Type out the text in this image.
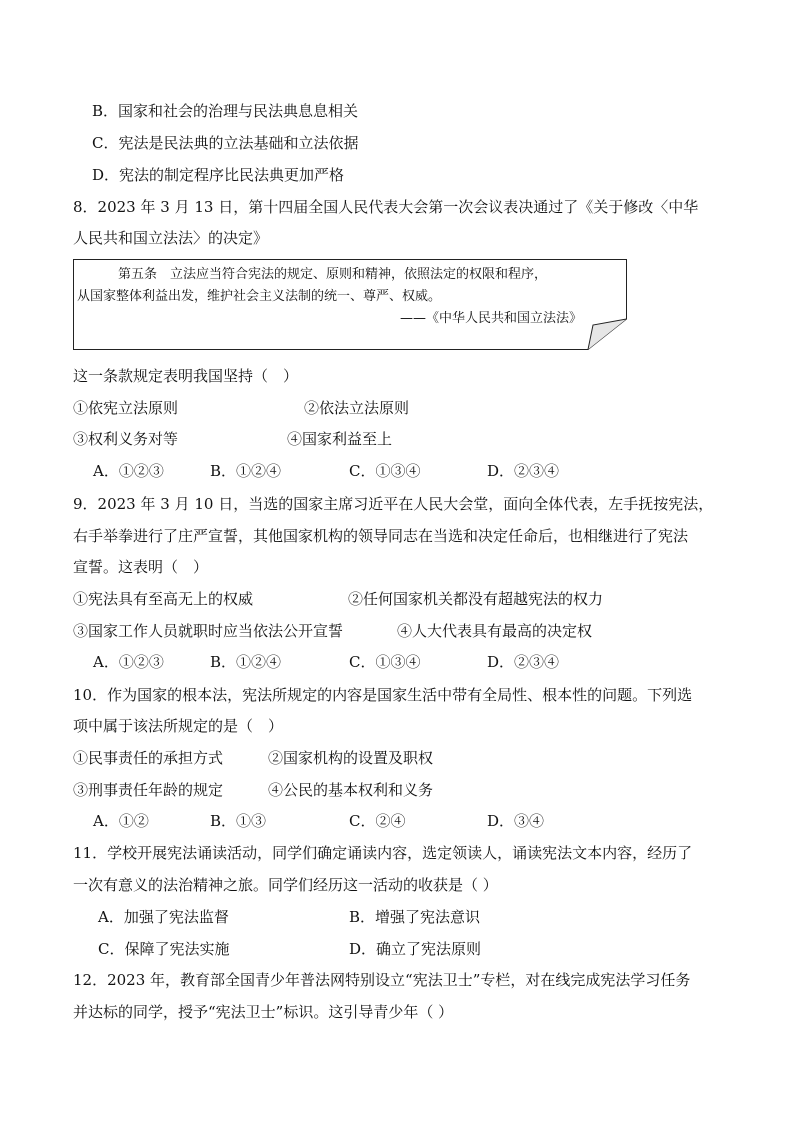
B．国家和社会的治理与民法典息息相关
C．宪法是民法典的立法基础和立法依据
D．宪法的制定程序比民法典更加严格
8．2023 年 3 月 13 日，第十四届全国人民代表大会第一次会议表决通过了《关于修改〈中华
人民共和国立法法〉的决定》
第五条　立法应当符合宪法的规定、原则和精神，依照法定的权限和程序，
从国家整体利益出发，维护社会主义法制的统一、尊严、权威。
——《中华人民共和国立法法》
这一条款规定表明我国坚持（　）
①依宪立法原则	②依法立法原则
③权利义务对等	④国家利益至上
A．①②③	B．①②④	C．①③④	D．②③④
9．2023 年 3 月 10 日，当选的国家主席习近平在人民大会堂，面向全体代表，左手抚按宪法，
右手举拳进行了庄严宣誓，其他国家机构的领导同志在当选和决定任命后，也相继进行了宪法
宣誓。这表明（　）
①宪法具有至高无上的权威	②任何国家机关都没有超越宪法的权力
③国家工作人员就职时应当依法公开宣誓	④人大代表具有最高的决定权
A．①②③	B．①②④	C．①③④	D．②③④
10．作为国家的根本法，宪法所规定的内容是国家生活中带有全局性、根本性的问题。下列选
项中属于该法所规定的是（　）
①民事责任的承担方式	②国家机构的设置及职权
③刑事责任年龄的规定	④公民的基本权利和义务
A．①②	B．①③	C．②④	D．③④
11．学校开展宪法诵读活动，同学们确定诵读内容，选定领读人，诵读宪法文本内容，经历了
一次有意义的法治精神之旅。同学们经历这一活动的收获是（ ）
A．加强了宪法监督	B．增强了宪法意识
C．保障了宪法实施	D．确立了宪法原则
12．2023 年，教育部全国青少年普法网特别设立“宪法卫士”专栏，对在线完成宪法学习任务
并达标的同学，授予“宪法卫士”标识。这引导青少年（ ）
